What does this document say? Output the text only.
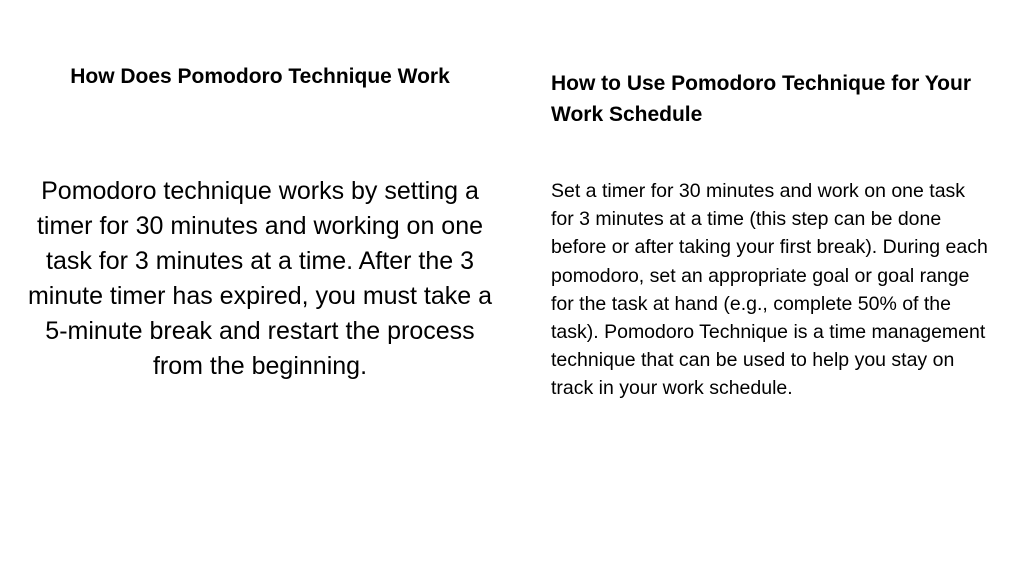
How Does Pomodoro Technique Work

Pomodoro technique works by setting a timer for 30 minutes and working on one task for 3 minutes at a time. After the 3 minute timer has expired, you must take a 5-minute break and restart the process from the beginning.

How to Use Pomodoro Technique for Your Work Schedule

Set a timer for 30 minutes and work on one task for 3 minutes at a time (this step can be done before or after taking your first break). During each pomodoro, set an appropriate goal or goal range for the task at hand (e.g., complete 50% of the task). Pomodoro Technique is a time management technique that can be used to help you stay on track in your work schedule.
